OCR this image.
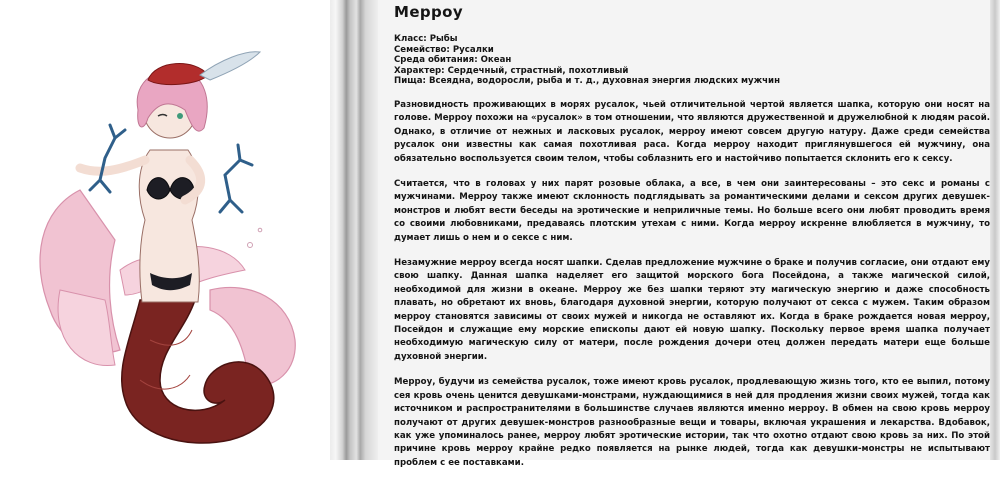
Мерроу
Класс: Рыбы
Семейство: Русалки
Среда обитания: Океан
Характер: Сердечный, страстный, похотливый
Пища: Всеядна, водоросли, рыба и т. д., духовная энергия людских мужчин

Разновидность проживающих в морях русалок, чьей отличительной чертой является шапка, которую они носят на голове. Мерроу похожи на «русалок» в том отношении, что являются дружественной и дружелюбной к людям расой. Однако, в отличие от нежных и ласковых русалок, мерроу имеют совсем другую натуру. Даже среди семейства русалок они известны как самая похотливая раса. Когда мерроу находит приглянувшегося ей мужчину, она обязательно воспользуется своим телом, чтобы соблазнить его и настойчиво попытается склонить его к сексу.

Считается, что в головах у них парят розовые облака, а все, в чем они заинтересованы – это секс и романы с мужчинами. Мерроу также имеют склонность подглядывать за романтическими делами и сексом других девушек-монстров и любят вести беседы на эротические и неприличные темы. Но больше всего они любят проводить время со своими любовниками, предаваясь плотским утехам с ними. Когда мерроу искренне влюбляется в мужчину, то думает лишь о нем и о сексе с ним.

Незамужние мерроу всегда носят шапки. Сделав предложение мужчине о браке и получив согласие, они отдают ему свою шапку. Данная шапка наделяет его защитой морского бога Посейдона, а также магической силой, необходимой для жизни в океане. Мерроу же без шапки теряют эту магическую энергию и даже способность плавать, но обретают их вновь, благодаря духовной энергии, которую получают от секса с мужем. Таким образом мерроу становятся зависимы от своих мужей и никогда не оставляют их. Когда в браке рождается новая мерроу, Посейдон и служащие ему морские епископы дают ей новую шапку. Поскольку первое время шапка получает необходимую магическую силу от матери, после рождения дочери отец должен передать матери еще больше духовной энергии.

Мерроу, будучи из семейства русалок, тоже имеют кровь русалок, продлевающую жизнь того, кто ее выпил, потому сея кровь очень ценится девушками-монстрами, нуждающимися в ней для продления жизни своих мужей, тогда как источником и распространителями в большинстве случаев являются именно мерроу. В обмен на свою кровь мерроу получают от других девушек-монстров разнообразные вещи и товары, включая украшения и лекарства. Вдобавок, как уже упоминалось ранее, мерроу любят эротические истории, так что охотно отдают свою кровь за них. По этой причине кровь мерроу крайне редко появляется на рынке людей, тогда как девушки-монстры не испытывают проблем с ее поставками.
